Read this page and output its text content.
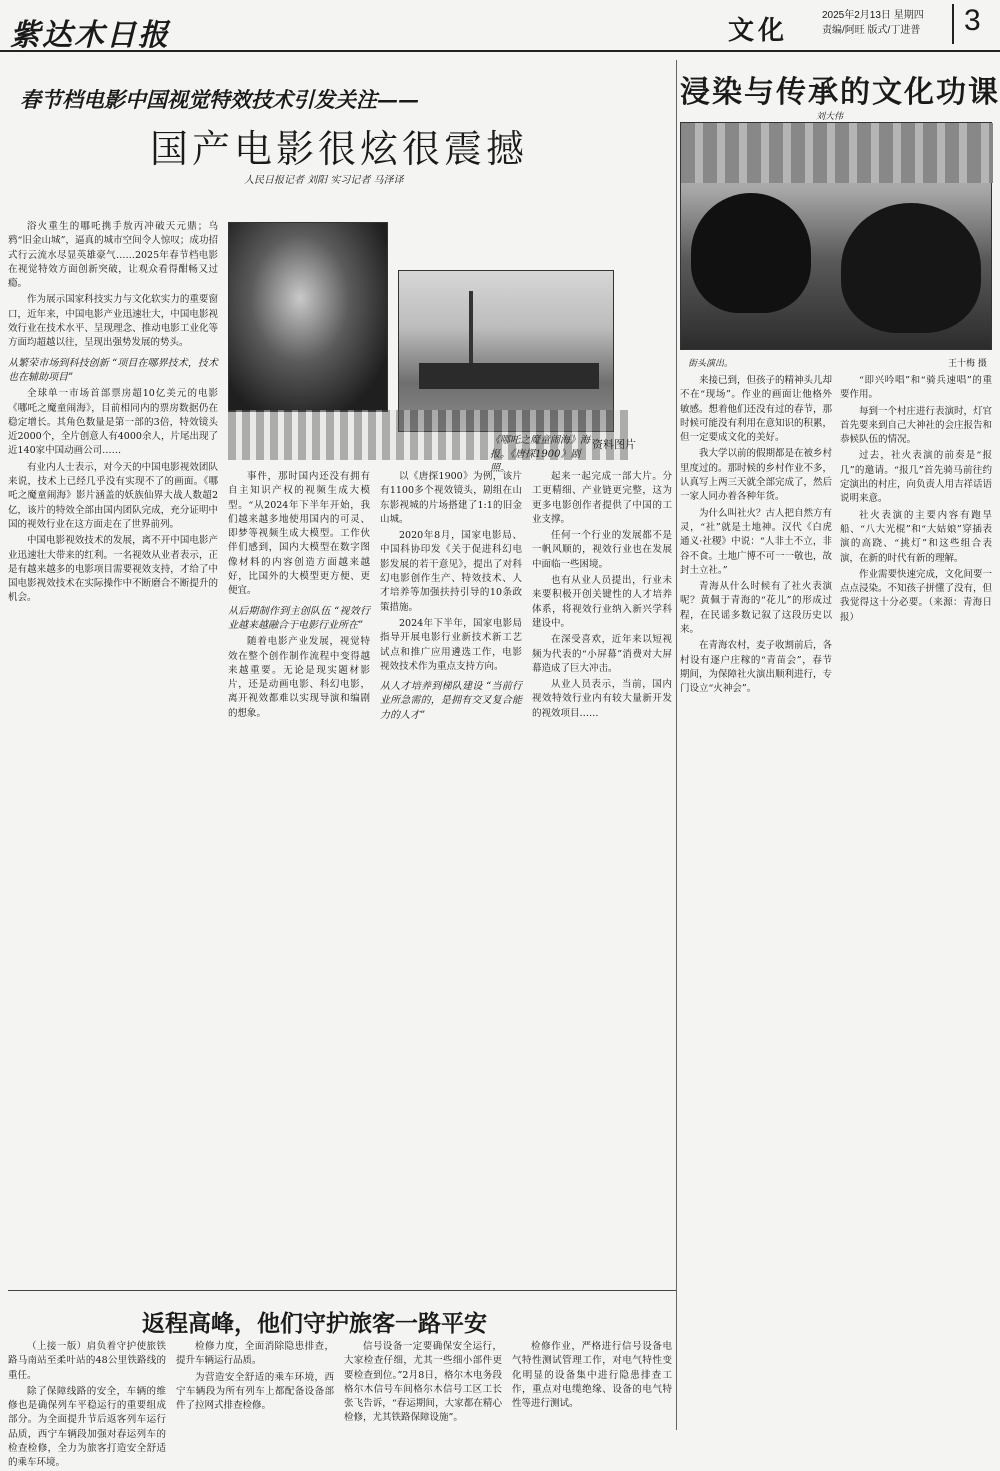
紫达木日报	文化
2025年2月13日 星期四
责编/阿旺 版式/丁进普	3
春节档电影中国视觉特效技术引发关注——
国产电影很炫很震撼
人民日报记者 刘阳 实习记者 马泽译
《哪吒之魔童闹海》海报。《唐探1900》剧照。
资料图片

浴火重生的哪吒携手敖丙冲破天元鼎；乌鸦“旧金山城”，逼真的城市空间令人惊叹；成功招式行云流水尽显英雄豪气……2025年春节档电影在视觉特效方面创新突破，让观众看得酣畅又过瘾。

作为展示国家科技实力与文化软实力的重要窗口，近年来，中国电影产业迅速壮大，中国电影视效行业在技术水平、呈现理念、推动电影工业化等方面均超越以往，呈现出强势发展的势头。

从繁荣市场到科技创新 “项目在哪界技术，技术也在辅助项目”

全球单一市场首部票房超10亿美元的电影《哪吒之魔童闹海》，目前相同内的票房数据仍在稳定增长。其角色数量是第一部的3倍，特效镜头近2000个，全片创意人有4000余人，片尾出现了近140家中国动画公司……

有业内人士表示，对今天的中国电影视效团队来说，技术上已经几乎没有实现不了的画面。《哪吒之魔童闹海》影片涵盖的妖族仙界大战人数超2亿，该片的特效全部由国内团队完成，充分证明中国的视效行业在这方面走在了世界前列。

中国电影视效技术的发展，离不开中国电影产业迅速壮大带来的红利。一名视效从业者表示，正是有越来越多的电影项目需要视效支持，才给了中国电影视效技术在实际操作中不断磨合不断提升的机会。

事件，那时国内还没有拥有自主知识产权的视频生成大模型。“从2024年下半年开始，我们越来越多地使用国内的可灵、即梦等视频生成大模型。工作伙伴们感到，国内大模型在数字图像材料的内容创造方面越来越好，比国外的大模型更方便、更便宜。

从后期制作到主创队伍 “视效行业越来越融合于电影行业所在”

随着电影产业发展，视觉特效在整个创作制作流程中变得越来越重要。无论是现实题材影片，还是动画电影、科幻电影，离开视效都难以实现导演和编剧的想象。

以《唐探1900》为例，该片有1100多个视效镜头，剧组在山东影视城的片场搭建了1:1的旧金山城。

2020年8月，国家电影局、中国科协印发《关于促进科幻电影发展的若干意见》，提出了对科幻电影创作生产、特效技术、人才培养等加强扶持引导的10条政策措施。

2024年下半年，国家电影局指导开展电影行业新技术新工艺试点和推广应用遴选工作，电影视效技术作为重点支持方向。

从人才培养到梯队建设 “当前行业所急需的，是拥有交叉复合能力的人才”

起来一起完成一部大片。分工更精细、产业链更完整，这为更多电影创作者提供了中国的工业支撑。

任何一个行业的发展都不是一帆风顺的，视效行业也在发展中面临一些困境。

也有从业人员提出，行业未来要积极开创关键性的人才培养体系，将视效行业纳入新兴学科建设中。

在深受喜欢，近年来以短视频为代表的“小屏幕”消费对大屏幕造成了巨大冲击。

从业人员表示，当前，国内视效特效行业内有较大量新开发的视效项目……

浸染与传承的文化功课
刘大伟
街头演出。	王十梅 摄

来接已到，但孩子的精神头儿却不在“现场”。作业的画面让他格外敏感。想着他们还没有过的春节，那时候可能没有利用在意知识的积累，但一定要成文化的美好。

我大学以前的假期都是在被乡村里度过的。那时候的乡村作业不多，认真写上两三天就全部完成了，然后一家人同办着各种年货。

为什么叫社火？古人把自然方有灵，“社”就是土地神。汉代《白虎通义·社稷》中说：“人非土不立，非谷不食。土地广博不可一一敬也，故封土立社。”

青海从什么时候有了社火表演呢？黄佩于青海的“花儿”的形成过程，在民谣多数记叙了这段历史以来。

在青海农村，麦子收割前后，各村设有逐户庄稼的“青苗会”，春节期间，为保障社火演出顺利进行，专门设立“火神会”。

“即兴吟唱”和“骑兵速唱”的重要作用。

每到一个村庄进行表演时，灯官首先要来到自己大神社的会庄报告和恭候队伍的情况。

过去，社火表演的前奏是“报几”的邀请。“报几”首先骑马前往约定演出的村庄，向负责人用吉祥话语说明来意。

社火表演的主要内容有跑旱船、“八大光棍”和“大姑娘”穿插表演的高跷、“挑灯”和这些组合表演，在新的时代有新的理解。

作业需要快速完成，文化间要一点点浸染。不知孩子拼懂了没有，但我觉得这十分必要。（来源：青海日报）

返程高峰，他们守护旅客一路平安

（上接一版）肩负着守护使旅铁路马南站至柔叶站的48公里铁路线的重任。

除了保障线路的安全，车辆的维修也是确保列车平稳运行的重要组成部分。为全面提升节后返客列车运行品质，西宁车辆段加强对春运列车的检查检修，全力为旅客打造安全舒适的乘车环境。

检修力度，全面消除隐患排查，提升车辆运行品质。

为营造安全舒适的乘车环境，西宁车辆段为所有列车上都配备设备部件了拉网式排查检修。

信号设备一定要确保安全运行，大家检查仔细，尤其一些细小部件更要检查到位。”2月8日，格尔木电务段格尔木信号车间格尔木信号工区工长张飞告诉，“春运期间，大家都在精心检修，尤其铁路保障设施”。

检修作业，严格进行信号设备电气特性测试管理工作，对电气特性变化明显的设备集中进行隐患排查工作，重点对电缆绝缘、设备的电气特性等进行测试。
